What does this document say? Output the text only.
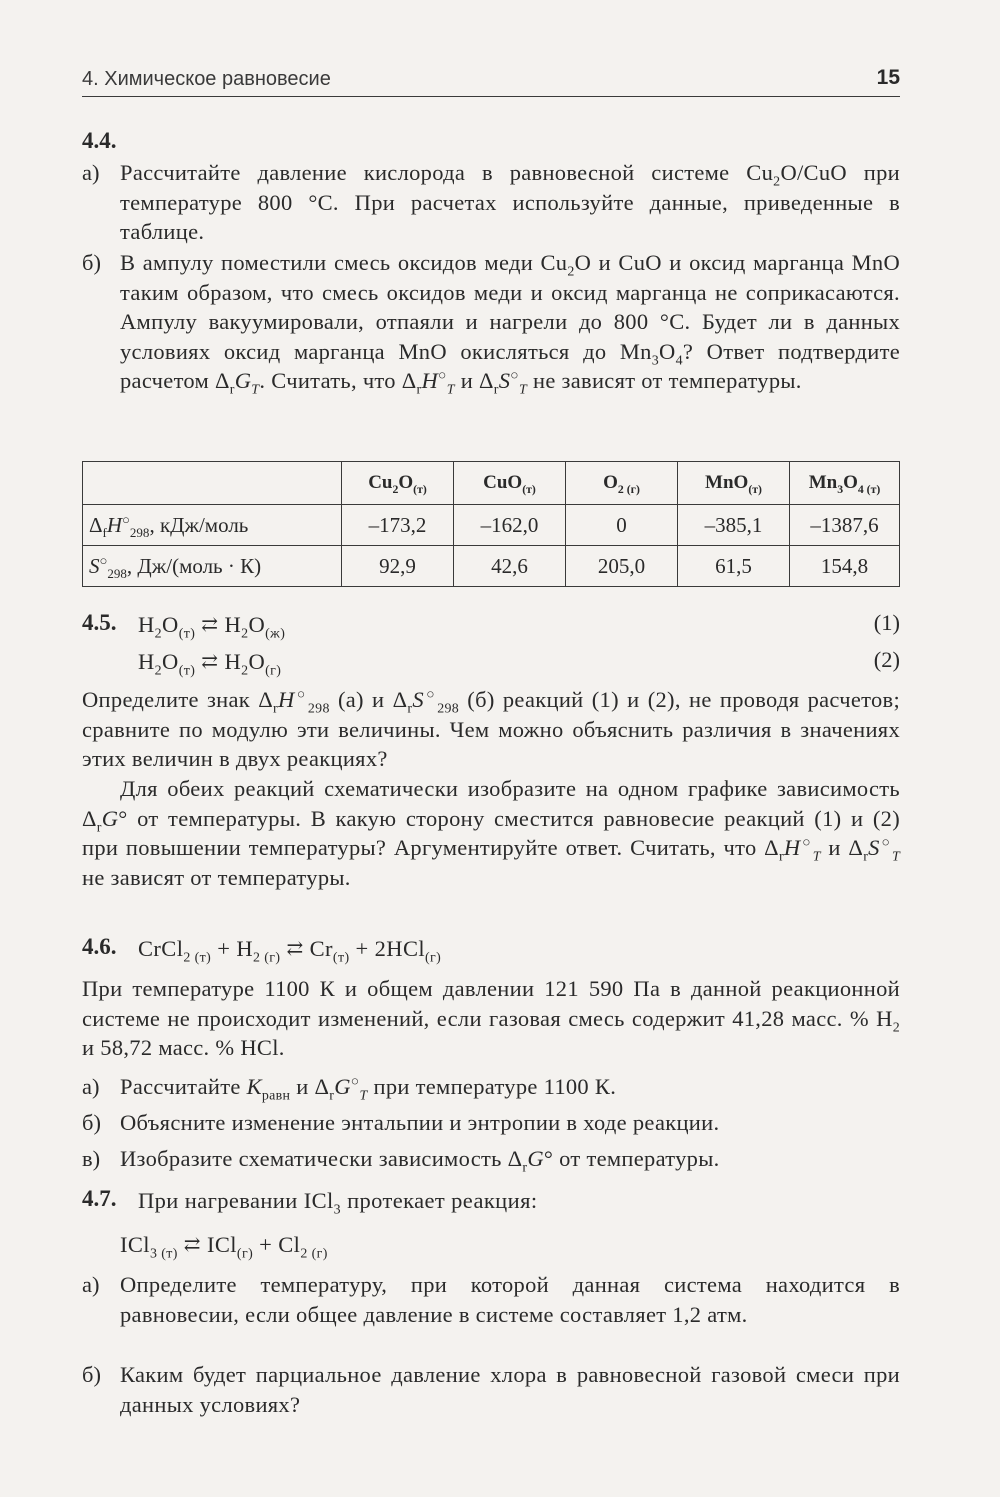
4. Химическое равновесие	15
4.4.
а) Рассчитайте давление кислорода в равновесной системе $Cu_2O$/CuO при температуре 800 °С. При расчетах используйте данные, приведенные в таблице.
б) В ампулу поместили смесь оксидов меди $Cu_2O$ и CuO и оксид марганца MnO таким образом, что смесь оксидов меди и оксид марганца не соприкасаются. Ампулу вакуумировали, отпаяли и нагрели до 800 °С. Будет ли в данных условиях оксид марганца MnO окисляться до $Mn_3O_4$? Ответ подтвердите расчетом $\Delta_rG_T$. Считать, что $\Delta_rH^○_T$ и $\Delta_rS^○_T$ не зависят от температуры.
	$Cu_2O_{(т)}$	CuO$_{(т)}$	$O_{2 (г)}$	MnO$_{(т)}$	$Mn_3O_{4 (т)}$
$\Delta_fH^○_{298}$, кДж/моль	–173,2	–162,0	0	–385,1	–1387,6
$S^○_{298}$, Дж/(моль · К)	92,9	42,6	205,0	61,5	154,8
4.5. $H_2O_{(т)}$ ⇄ $H_2O_{(ж)}$	(1)
$H_2O_{(т)}$ ⇄ $H_2O_{(г)}$	(2)
Определите знак $\Delta_rH^○_{298}$ (а) и $\Delta_rS^○_{298}$ (б) реакций (1) и (2), не проводя расчетов; сравните по модулю эти величины. Чем можно объяснить различия в значениях этих величин в двух реакциях?
Для обеих реакций схематически изобразите на одном графике зависимость $\Delta_rG^\circ$ от температуры. В какую сторону сместится равновесие реакций (1) и (2) при повышении температуры? Аргументируйте ответ. Считать, что $\Delta_rH^○_T$ и $\Delta_rS^○_T$ не зависят от температуры.
4.6. CrCl$_{2 (т)}$ + $H_{2 (г)}$ ⇄ $Cr_{(т)} + 2HCl_{(г)}$
При температуре 1100 К и общем давлении 121 590 Па в данной реакционной системе не происходит изменений, если газовая смесь содержит 41,28 масс. % $H_2$ и 58,72 масс. % HCl.
а) Рассчитайте $K_{равн}$ и $\Delta_rG^○_T$ при температуре 1100 К.
б) Объясните изменение энтальпии и энтропии в ходе реакции.
в) Изобразите схематически зависимость $\Delta_rG^\circ$ от температуры.
4.7. При нагревании ICl$_3$ протекает реакция:
ICl$_{3 (т)}$ ⇄ $ICl_{(г)} + Cl_{2 (г)}$
а) Определите температуру, при которой данная система находится в равновесии, если общее давление в системе составляет 1,2 атм.
б) Каким будет парциальное давление хлора в равновесной газовой смеси при данных условиях?
